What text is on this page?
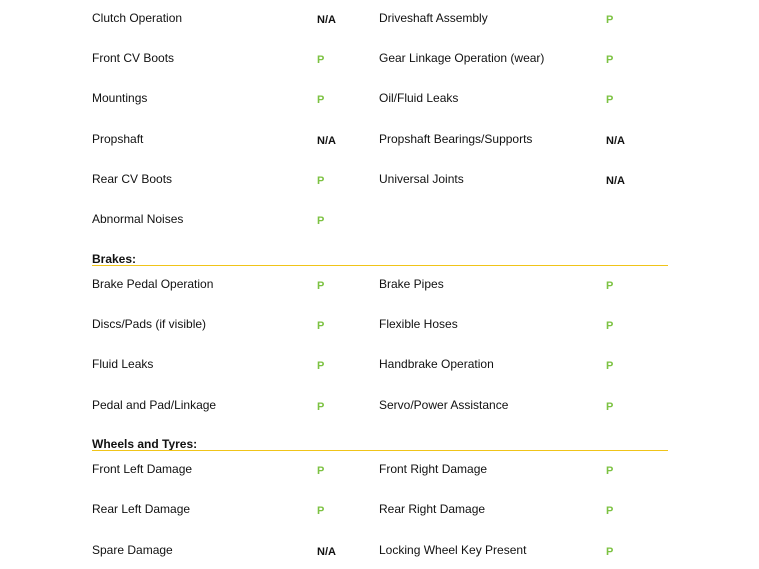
Clutch Operation	N/A	Driveshaft Assembly	P
Front CV Boots	P	Gear Linkage Operation (wear)	P
Mountings	P	Oil/Fluid Leaks	P
Propshaft	N/A	Propshaft Bearings/Supports	N/A
Rear CV Boots	P	Universal Joints	N/A
Abnormal Noises	P
Brakes:
Brake Pedal Operation	P	Brake Pipes	P
Discs/Pads (if visible)	P	Flexible Hoses	P
Fluid Leaks	P	Handbrake Operation	P
Pedal and Pad/Linkage	P	Servo/Power Assistance	P
Wheels and Tyres:
Front Left Damage	P	Front Right Damage	P
Rear Left Damage	P	Rear Right Damage	P
Spare Damage	N/A	Locking Wheel Key Present	P
